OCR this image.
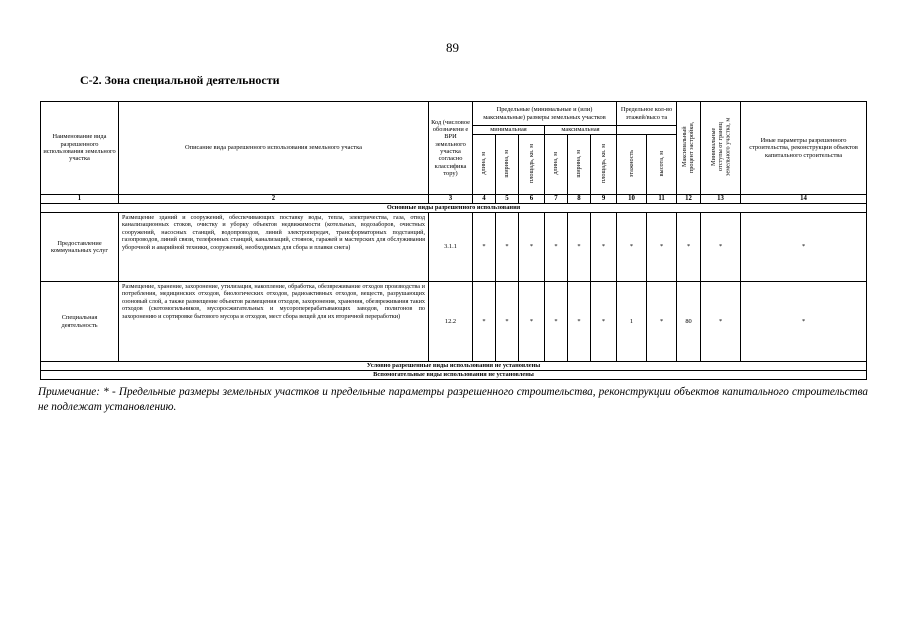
89
С-2. Зона специальной деятельности
Наименование вида разрешенного использования земельного участка	Описание вида разрешенного использования земельного участка	Код (числовое обозначени е ВРИ земельного участка согласно классифика тору)	Предельные (минимальные и (или) максимальные) размеры земельных участков						Предельное кол-во этажей/высо та		Максимальный процент застройки,	Минимальные отступы от границ земельного участка, м	Иные параметры разрешенного строительства, реконструкции объектов капитального строительства
			минимальная			максимальная							
			длина, м	ширина, м	площадь, кв. м	длина, м	ширина, м	площадь, кв. м	этажность	высота, м			
1	2	3	4	5	6	7	8	9	10	11	12	13	14
Основные виды разрешенного использования													
Предоставление коммунальных услуг	Размещение зданий и сооружений, обеспечивающих поставку воды, тепла, электричества, газа, отвод канализационных стоков, очистку и уборку объектов недвижимости (котельных, водозаборов, очистных сооружений, насосных станций, водопроводов, линий электропередач, трансформаторных подстанций, газопроводов, линий связи, телефонных станций, канализаций, стоянок, гаражей и мастерских для обслуживания уборочной и аварийной техники, сооружений, необходимых для сбора и плавки снега)	3.1.1	*	*	*	*	*	*	*	*	*	*	*
Специальная деятельность	Размещение, хранение, захоронение, утилизация, накопление, обработка, обезвреживание отходов производства и потребления, медицинских отходов, биологических отходов, радиоактивных отходов, веществ, разрушающих озоновый слой, а также размещение объектов размещения отходов, захоронения, хранения, обезвреживания таких отходов (скотомогильников, мусоросжигательных и мусороперерабатывающих заводов, полигонов по захоронению и сортировке бытового мусора и отходов, мест сбора вещей для их вторичной переработки)	12.2	*	*	*	*	*	*	1	*	80	*	*
Условно разрешенные виды использования не установлены													
Вспомогательные виды использования не установлены													
Примечание: * - Предельные размеры земельных участков и предельные параметры разрешенного строительства, реконструкции объектов капитального строительства не подлежат установлению.
